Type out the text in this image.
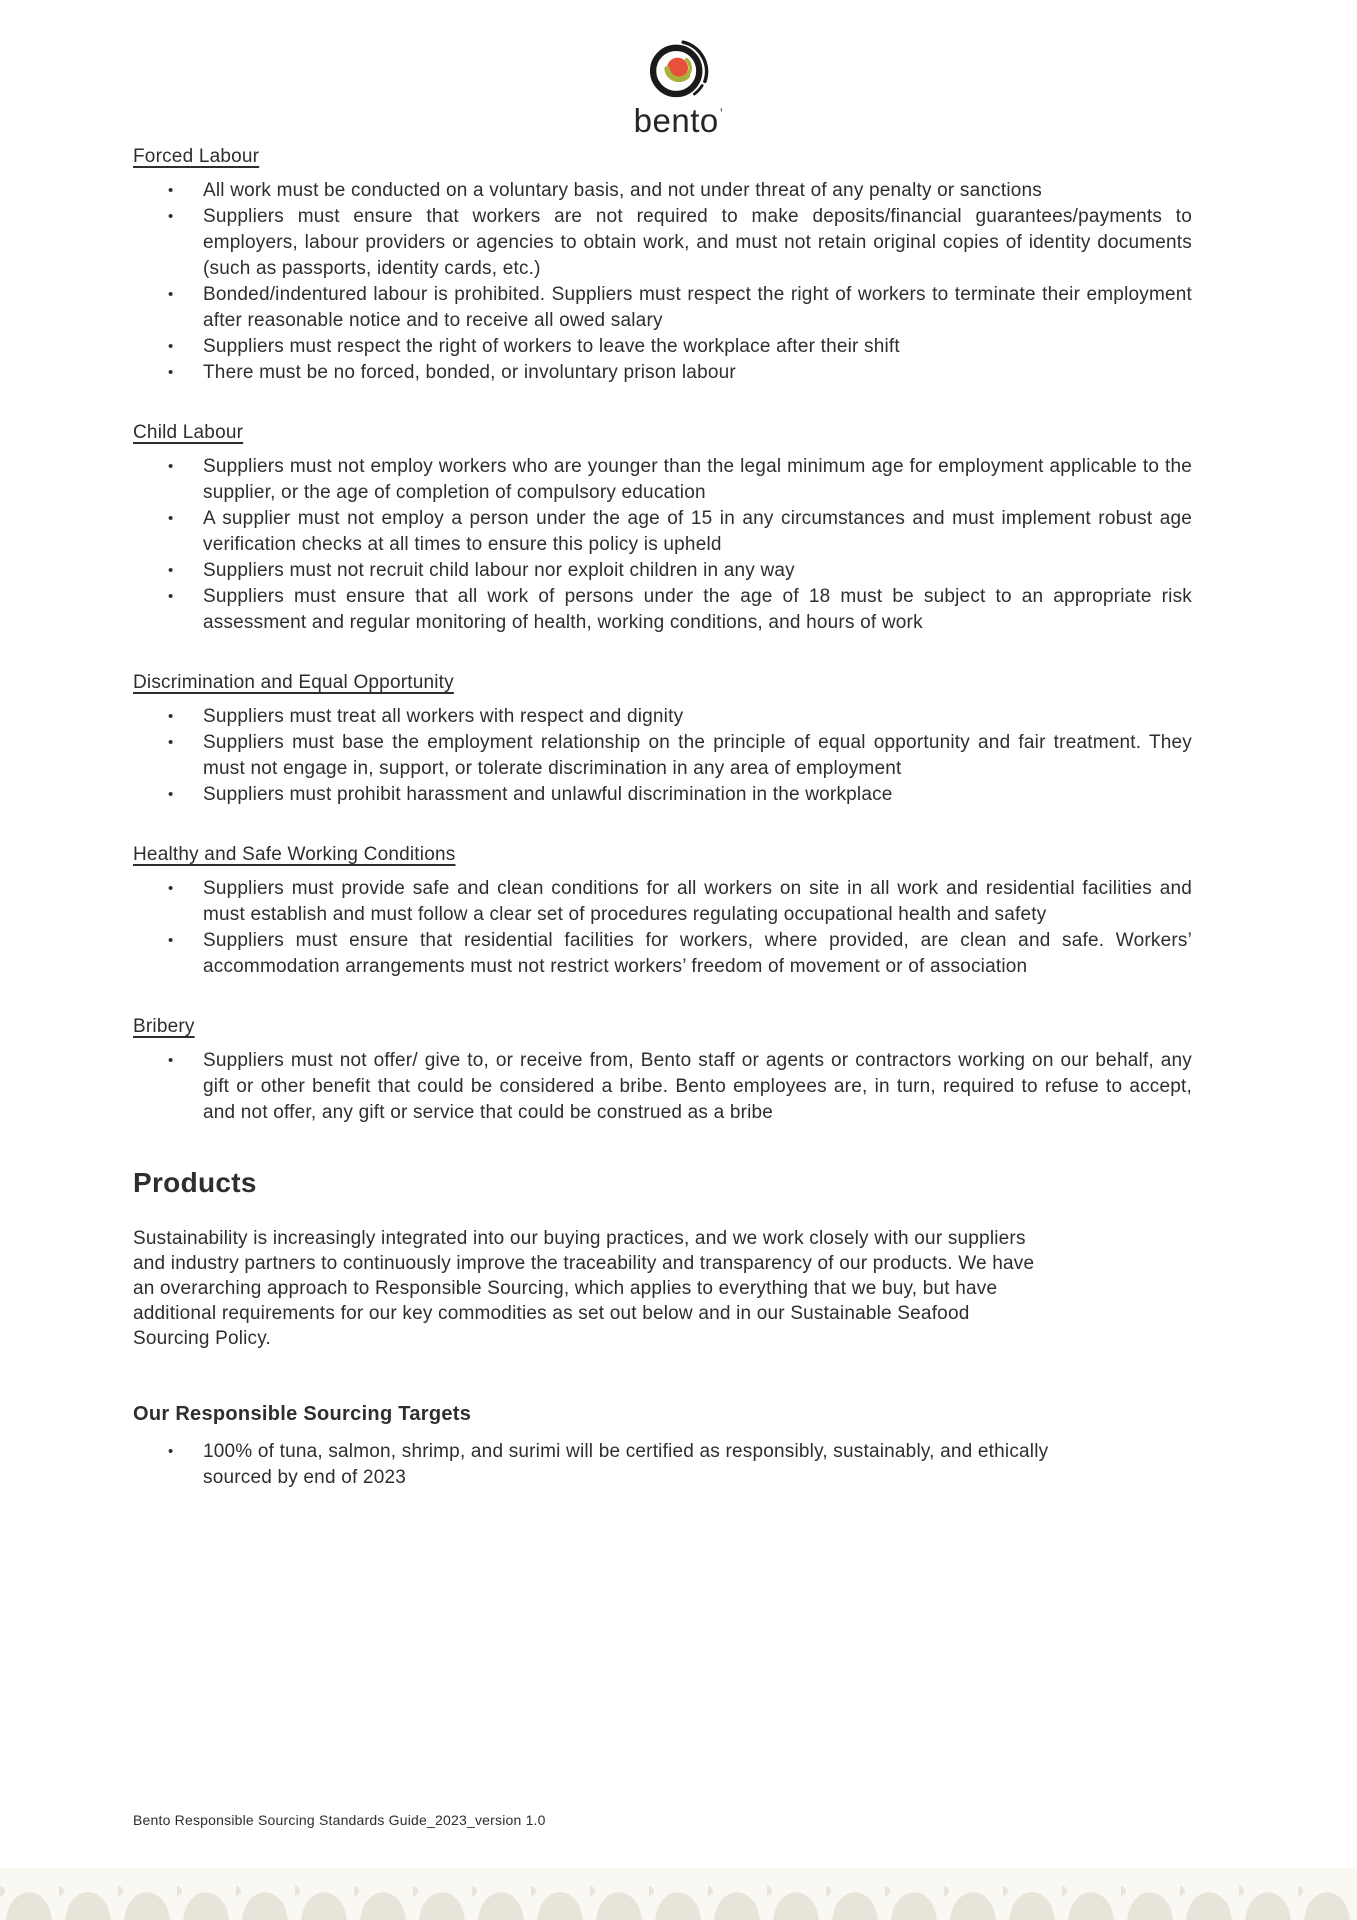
bento’
Forced Labour
•	All work must be conducted on a voluntary basis, and not under threat of any penalty or sanctions
•	Suppliers must ensure that workers are not required to make deposits/financial guarantees/payments to employers, labour providers or agencies to obtain work, and must not retain original copies of identity documents (such as passports, identity cards, etc.)
•	Bonded/indentured labour is prohibited. Suppliers must respect the right of workers to terminate their employment after reasonable notice and to receive all owed salary
•	Suppliers must respect the right of workers to leave the workplace after their shift
•	There must be no forced, bonded, or involuntary prison labour
Child Labour
•	Suppliers must not employ workers who are younger than the legal minimum age for employment applicable to the supplier, or the age of completion of compulsory education
•	A supplier must not employ a person under the age of 15 in any circumstances and must implement robust age verification checks at all times to ensure this policy is upheld
•	Suppliers must not recruit child labour nor exploit children in any way
•	Suppliers must ensure that all work of persons under the age of 18 must be subject to an appropriate risk assessment and regular monitoring of health, working conditions, and hours of work
Discrimination and Equal Opportunity
•	Suppliers must treat all workers with respect and dignity
•	Suppliers must base the employment relationship on the principle of equal opportunity and fair treatment. They must not engage in, support, or tolerate discrimination in any area of employment
•	Suppliers must prohibit harassment and unlawful discrimination in the workplace
Healthy and Safe Working Conditions
•	Suppliers must provide safe and clean conditions for all workers on site in all work and residential facilities and must establish and must follow a clear set of procedures regulating occupational health and safety
•	Suppliers must ensure that residential facilities for workers, where provided, are clean and safe. Workers’ accommodation arrangements must not restrict workers’ freedom of movement or of association
Bribery
•	Suppliers must not offer/ give to, or receive from, Bento staff or agents or contractors working on our behalf, any gift or other benefit that could be considered a bribe. Bento employees are, in turn, required to refuse to accept, and not offer, any gift or service that could be construed as a bribe
Products

Sustainability is increasingly integrated into our buying practices, and we work closely with our suppliers and industry partners to continuously improve the traceability and transparency of our products. We have an overarching approach to Responsible Sourcing, which applies to everything that we buy, but have additional requirements for our key commodities as set out below and in our Sustainable Seafood Sourcing Policy.

Our Responsible Sourcing Targets
•	100% of tuna, salmon, shrimp, and surimi will be certified as responsibly, sustainably, and ethically sourced by end of 2023
Bento Responsible Sourcing Standards Guide_2023_version 1.0
